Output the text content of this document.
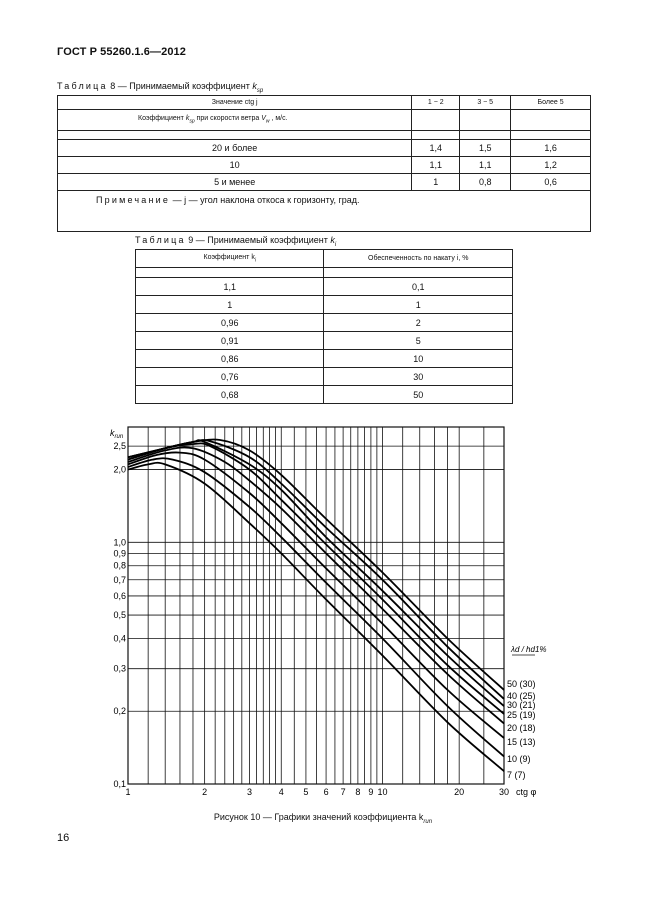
ГОСТ Р 55260.1.6—2012
Таблица 8 — Принимаемый коэффициент $k_{sp}$
Значение ctg j	1 − 2	3 − 5	Более 5
Коэффициент $k_{sp}$ при скорости ветра $V_w$ , м/с.			

20 и более	1,4	1,5	1,6
10	1,1	1,1	1,2
5 и менее	1	0,8	0,6
Примечание — j — угол наклона откоса к горизонту, град.			
Таблица 9 — Принимаемый коэффициент $k_i$
Коэффициент $k_i$	Обеспеченность по накату i, %

1,1	0,1
1	1
0,96	2
0,91	5
0,86	10
0,76	30
0,68	50
1	2	3	4 5 6 7 8 9 10	20	30
0,1
0,2
0,3
0,4
0,5
0,6
0,7
0,8
0,9
1,0
2,0
2,5
50 (30)
40 (25)
30 (21)
25 (19)
20 (18)
15 (13)
10 (9)
7 (7)
$k_{run}$
ctg φ
λd / hd1%
Рисунок 10 — Графики значений коэффициента $k_{run}$
16
